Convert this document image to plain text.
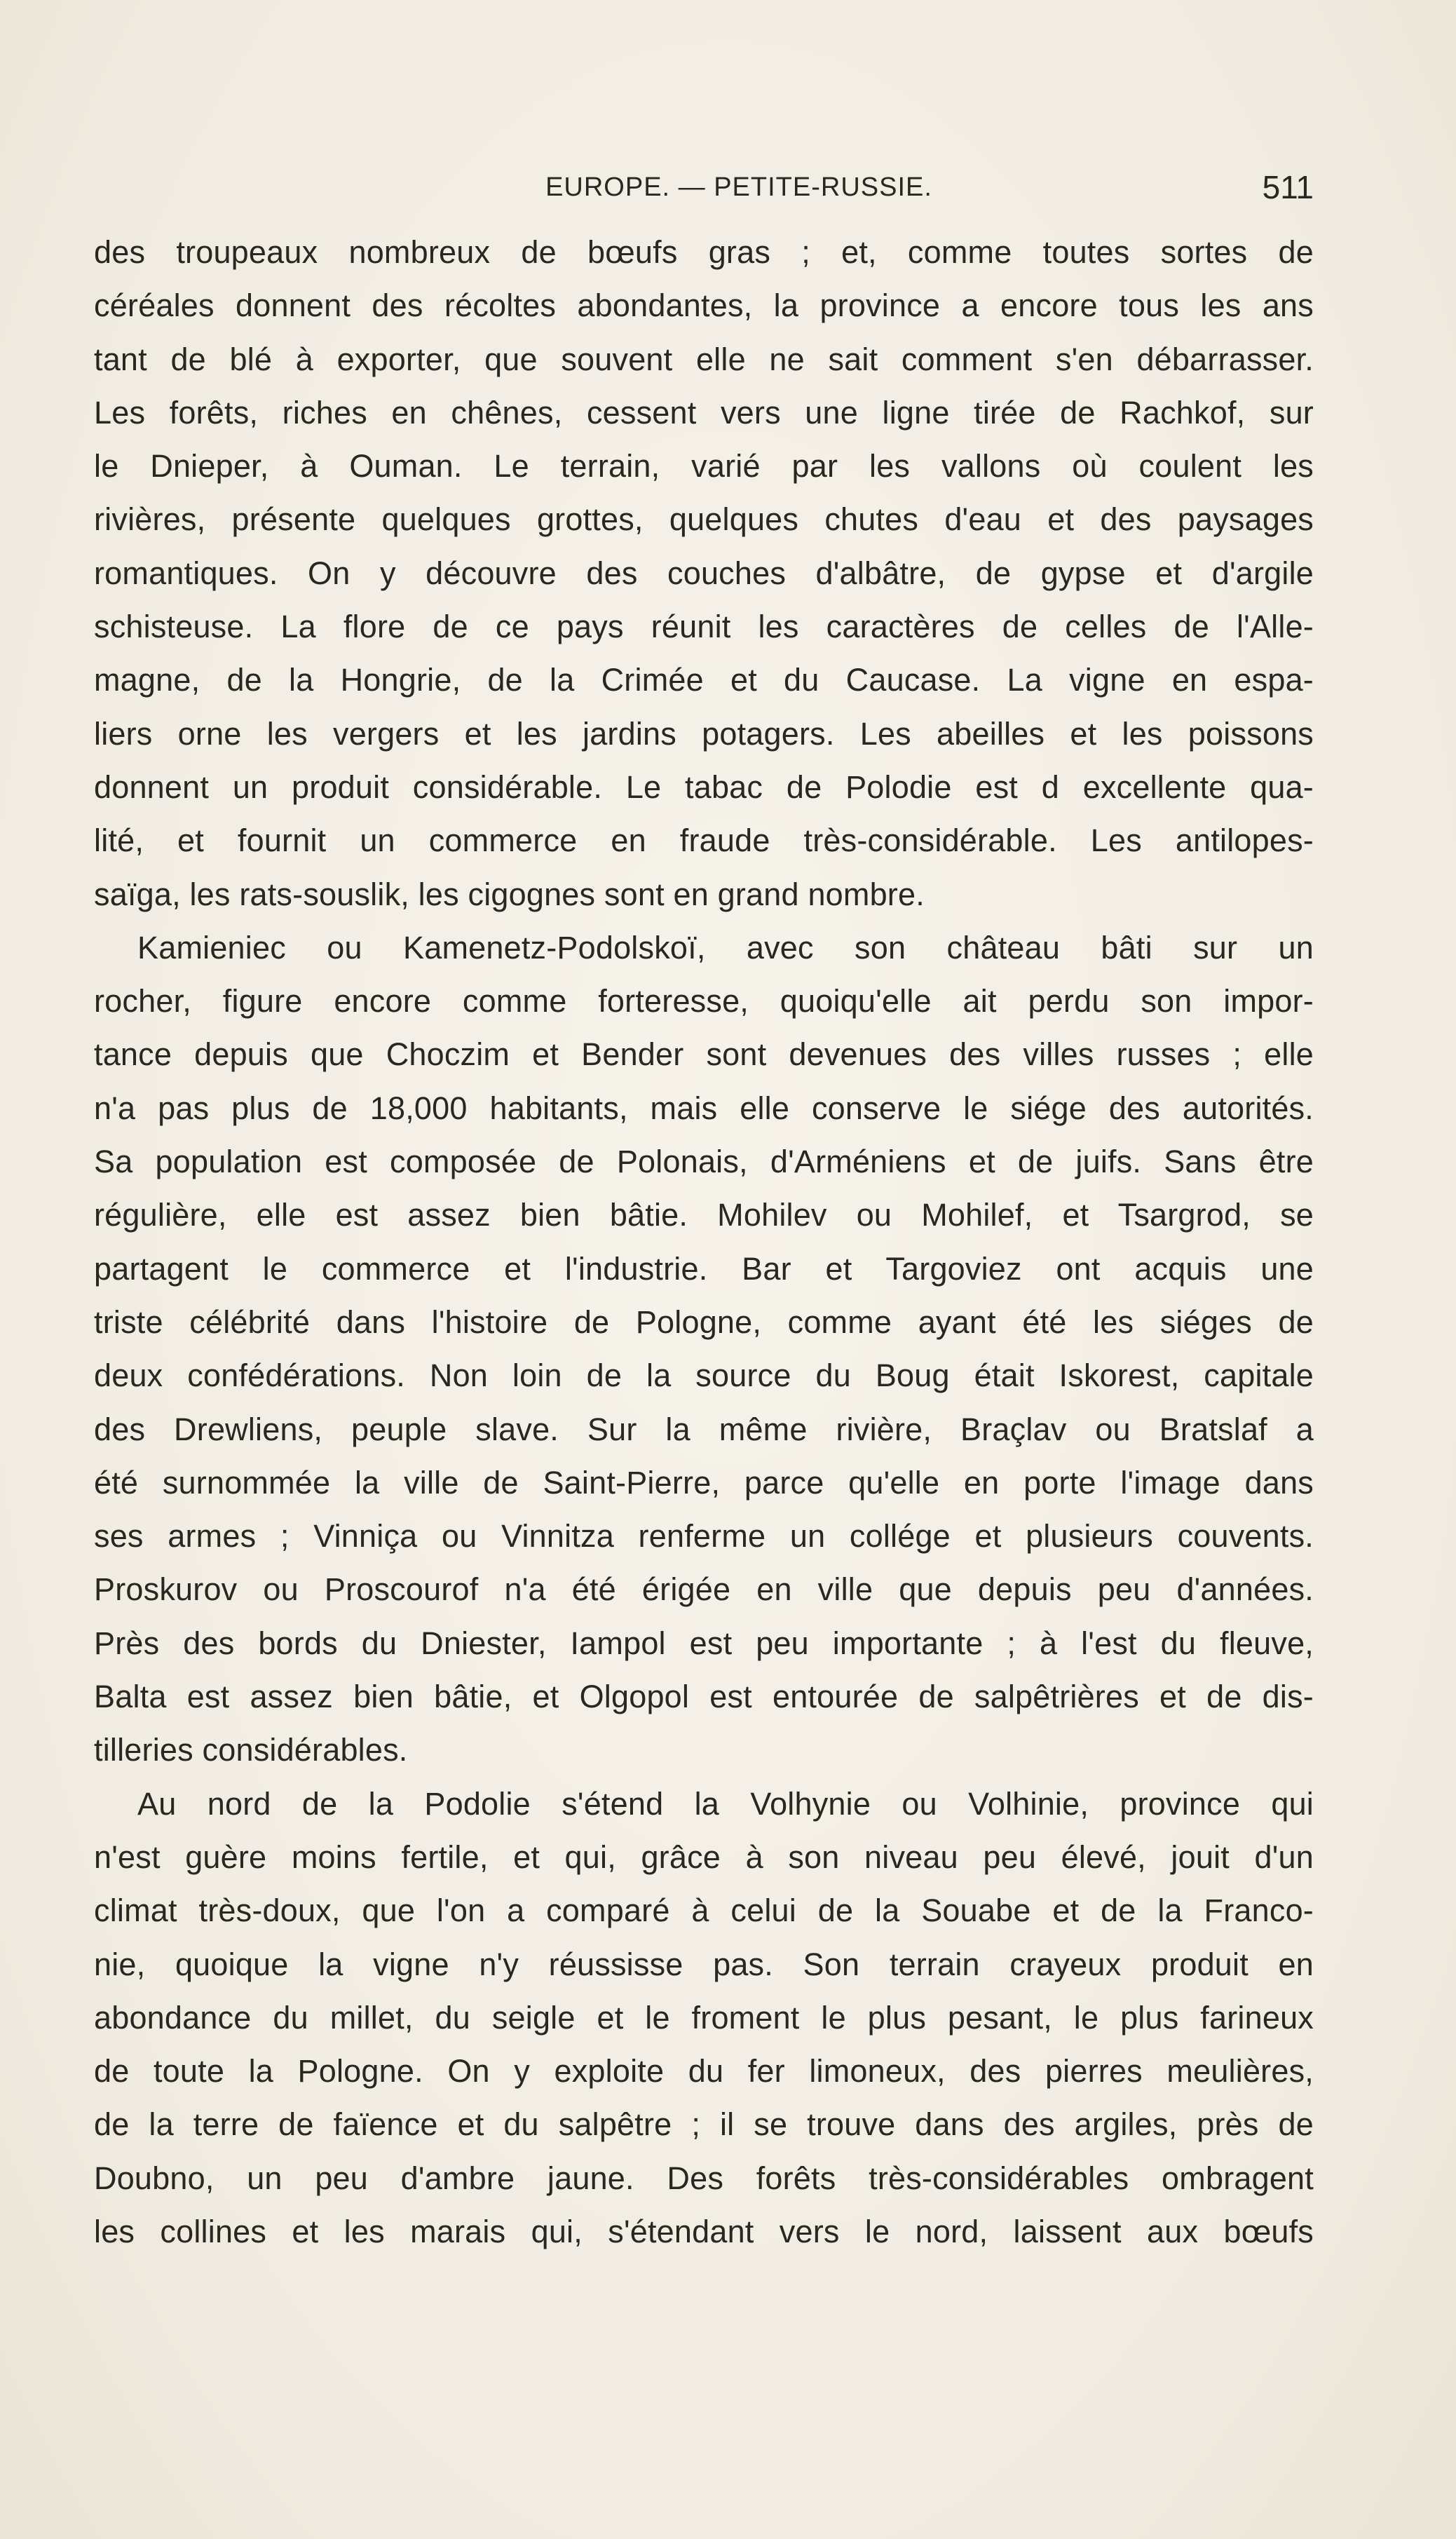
EUROPE. — PETITE-RUSSIE.	511
des troupeaux nombreux de bœufs gras ; et, comme toutes sortes de
céréales donnent des récoltes abondantes, la province a encore tous les ans
tant de blé à exporter, que souvent elle ne sait comment s'en débarrasser.
Les forêts, riches en chênes, cessent vers une ligne tirée de Rachkof, sur
le Dnieper, à Ouman. Le terrain, varié par les vallons où coulent les
rivières, présente quelques grottes, quelques chutes d'eau et des paysages
romantiques. On y découvre des couches d'albâtre, de gypse et d'argile
schisteuse. La flore de ce pays réunit les caractères de celles de l'Alle-
magne, de la Hongrie, de la Crimée et du Caucase. La vigne en espa-
liers orne les vergers et les jardins potagers. Les abeilles et les poissons
donnent un produit considérable. Le tabac de Polodie est d excellente qua-
lité, et fournit un commerce en fraude très-considérable. Les antilopes-
saïga, les rats-souslik, les cigognes sont en grand nombre.
Kamieniec ou Kamenetz-Podolskoï, avec son château bâti sur un
rocher, figure encore comme forteresse, quoiqu'elle ait perdu son impor-
tance depuis que Choczim et Bender sont devenues des villes russes ; elle
n'a pas plus de 18,000 habitants, mais elle conserve le siége des autorités.
Sa population est composée de Polonais, d'Arméniens et de juifs. Sans être
régulière, elle est assez bien bâtie. Mohilev ou Mohilef, et Tsargrod, se
partagent le commerce et l'industrie. Bar et Targoviez ont acquis une
triste célébrité dans l'histoire de Pologne, comme ayant été les siéges de
deux confédérations. Non loin de la source du Boug était Iskorest, capitale
des Drewliens, peuple slave. Sur la même rivière, Braçlav ou Bratslaf a
été surnommée la ville de Saint-Pierre, parce qu'elle en porte l'image dans
ses armes ; Vinniça ou Vinnitza renferme un collége et plusieurs couvents.
Proskurov ou Proscourof n'a été érigée en ville que depuis peu d'années.
Près des bords du Dniester, Iampol est peu importante ; à l'est du fleuve,
Balta est assez bien bâtie, et Olgopol est entourée de salpêtrières et de dis-
tilleries considérables.
Au nord de la Podolie s'étend la Volhynie ou Volhinie, province qui
n'est guère moins fertile, et qui, grâce à son niveau peu élevé, jouit d'un
climat très-doux, que l'on a comparé à celui de la Souabe et de la Franco-
nie, quoique la vigne n'y réussisse pas. Son terrain crayeux produit en
abondance du millet, du seigle et le froment le plus pesant, le plus farineux
de toute la Pologne. On y exploite du fer limoneux, des pierres meulières,
de la terre de faïence et du salpêtre ; il se trouve dans des argiles, près de
Doubno, un peu d'ambre jaune. Des forêts très-considérables ombragent
les collines et les marais qui, s'étendant vers le nord, laissent aux bœufs
